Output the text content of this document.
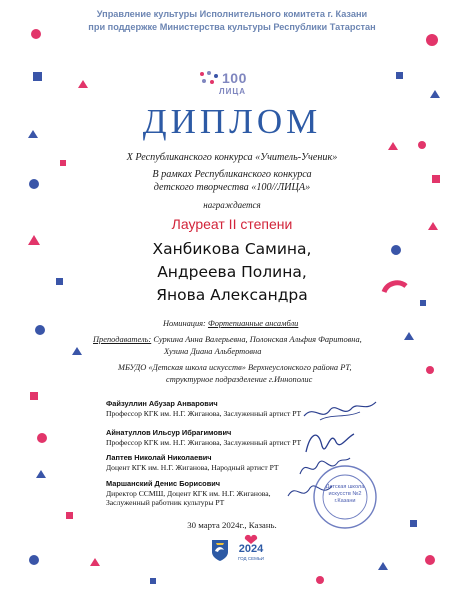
Управление культуры Исполнительного комитета г. Казани
при поддержке Министерства культуры Республики Татарстан
100
ЛИЦА
ДИПЛОМ
X Республиканского конкурса «Учитель-Ученик»
В рамках Республиканского конкурса
детского творчества «100//ЛИЦА»
награждается
Лауреат II степени
Ханбикова Самина,
Андреева Полина,
Янова Александра
Номинация: Фортепианные ансамбли
Преподаватель: Суркина Анна Валерьевна, Полонская Альфия Фаритовна,
Хузина Диана Альбертовна
МБУДО «Детская школа искусств» Верхнеуслонского района РТ,
структурное подразделение г.Иннополис
Файзуллин Абузар Анварович
Профессор КГК им. Н.Г. Жиганова, Заслуженный артист РТ
Айнатуллов Ильсур Ибрагимович
Профессор КГК им. Н.Г. Жиганова, Заслуженный артист РТ
Лаптев Николай Николаевич
Доцент КГК им. Н.Г. Жиганова, Народный артист РТ
Маршанский Денис Борисович
Директор ССМШ, Доцент КГК им. Н.Г. Жиганова,
Заслуженный работник культуры РТ
Детская школа
искусств №2
г.Казани
30 марта 2024г., Казань.
2024
ГОД СЕМЬИ
